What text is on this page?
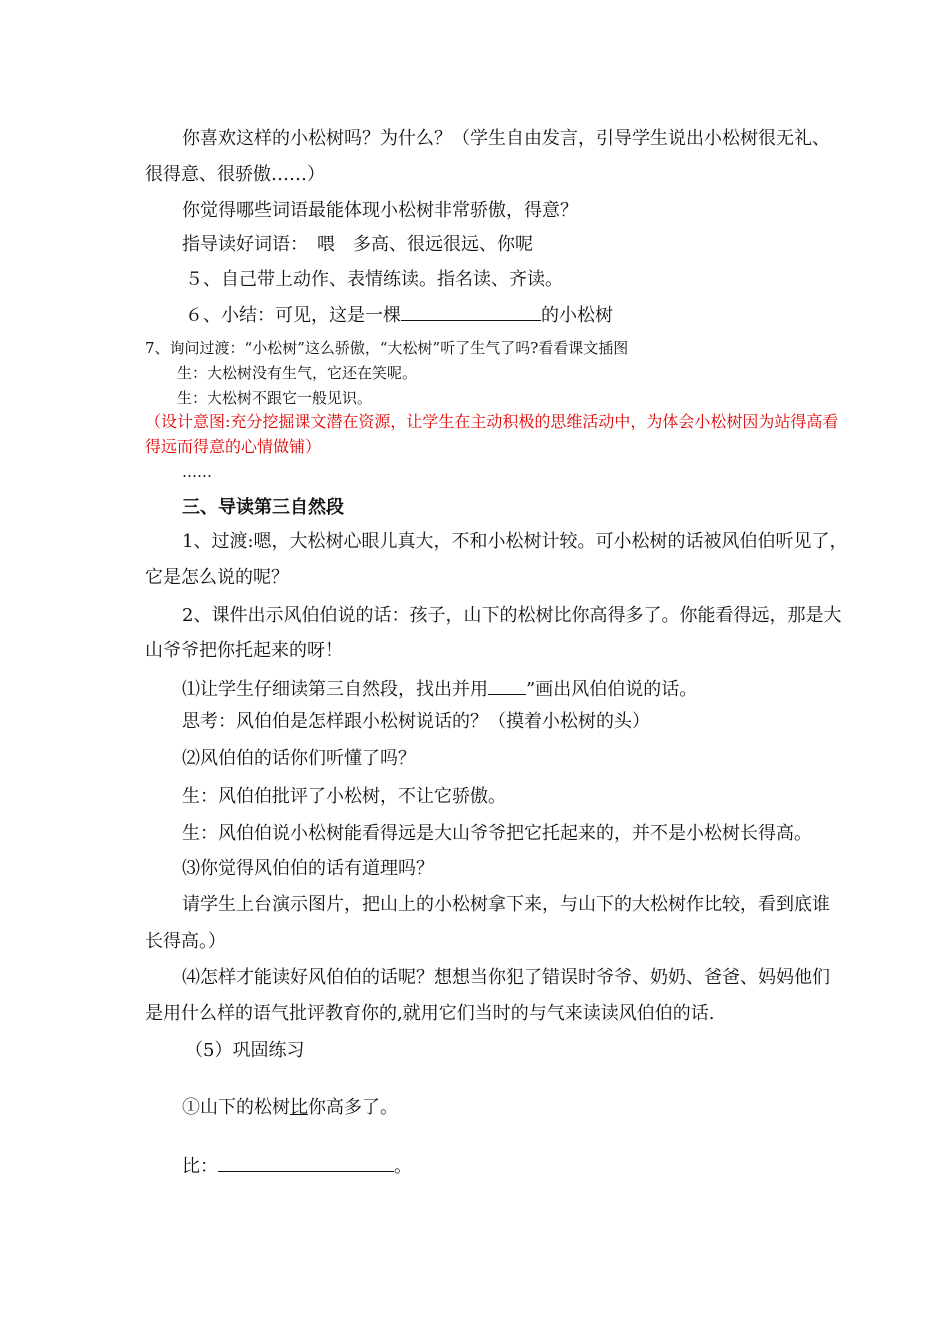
你喜欢这样的小松树吗？为什么？（学生自由发言，引导学生说出小松树很无礼、
很得意、很骄傲……）
你觉得哪些词语最能体现小松树非常骄傲，得意？
指导读好词语：　喂　多高、很远很远、你呢
５、自己带上动作、表情练读。指名读、齐读。
６、小结：可见，这是一棵	的小松树
7、询问过渡：“小松树”这么骄傲，“大松树”听了生气了吗?看看课文插图
生：大松树没有生气，它还在笑呢。
生：大松树不跟它一般见识。
（设计意图:充分挖掘课文潜在资源，让学生在主动积极的思维活动中，为体会小松树因为站得高看
得远而得意的心情做铺）
……
三、导读第三自然段
1、过渡:嗯，大松树心眼儿真大，不和小松树计较。可小松树的话被风伯伯听见了，
它是怎么说的呢？
2、课件出示风伯伯说的话：孩子，山下的松树比你高得多了。你能看得远，那是大
山爷爷把你托起来的呀！
⑴让学生仔细读第三自然段，找出并用 ”画出风伯伯说的话。
思考：风伯伯是怎样跟小松树说话的？（摸着小松树的头）
⑵风伯伯的话你们听懂了吗？
生：风伯伯批评了小松树，不让它骄傲。
生：风伯伯说小松树能看得远是大山爷爷把它托起来的，并不是小松树长得高。
⑶你觉得风伯伯的话有道理吗？
请学生上台演示图片，把山上的小松树拿下来，与山下的大松树作比较，看到底谁
长得高。）
⑷怎样才能读好风伯伯的话呢？想想当你犯了错误时爷爷、奶奶、爸爸、妈妈他们
是用什么样的语气批评教育你的,就用它们当时的与气来读读风伯伯的话.
（5）巩固练习
①山下的松树比你高多了。
比：	。
